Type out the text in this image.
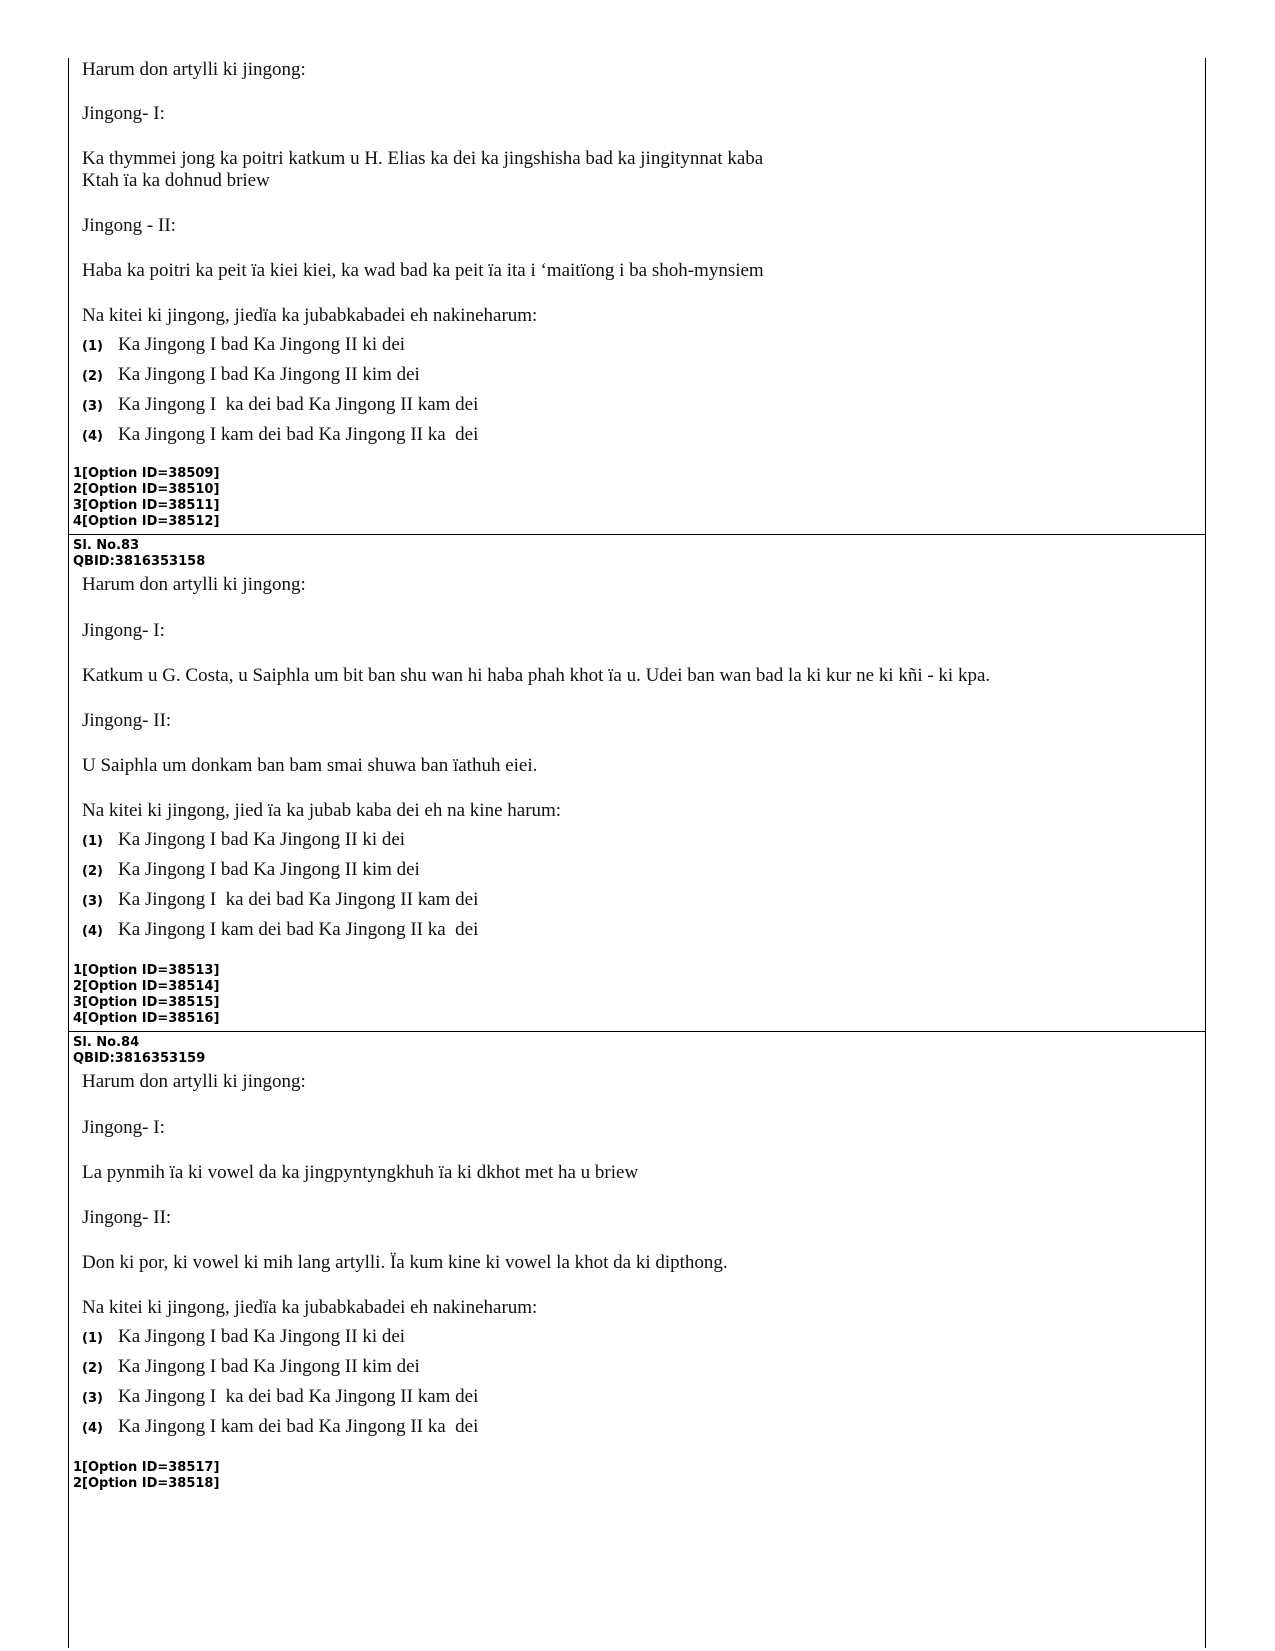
Harum don artylli ki jingong:
Jingong- I:
Ka thymmei jong ka poitri katkum u H. Elias ka dei ka jingshisha bad ka jingitynnat kaba
Ktah ïa ka dohnud briew
Jingong - II:
Haba ka poitri ka peit ïa kiei kiei, ka wad bad ka peit ïa ita i ‘maitïong i ba shoh-mynsiem
Na kitei ki jingong, jiedïa ka jubabkabadei eh nakineharum:
(1) Ka Jingong I bad Ka Jingong II ki dei
(2) Ka Jingong I bad Ka Jingong II kim dei
(3) Ka Jingong I  ka dei bad Ka Jingong II kam dei
(4) Ka Jingong I kam dei bad Ka Jingong II ka  dei
1[Option ID=38509]
2[Option ID=38510]
3[Option ID=38511]
4[Option ID=38512]
Sl. No.83
QBID:3816353158
Harum don artylli ki jingong:
Jingong- I:
Katkum u G. Costa, u Saiphla um bit ban shu wan hi haba phah khot ïa u. Udei ban wan bad la ki kur ne ki kñi - ki kpa.
Jingong- II:
U Saiphla um donkam ban bam smai shuwa ban ïathuh eiei.
Na kitei ki jingong, jied ïa ka jubab kaba dei eh na kine harum:
(1) Ka Jingong I bad Ka Jingong II ki dei
(2) Ka Jingong I bad Ka Jingong II kim dei
(3) Ka Jingong I  ka dei bad Ka Jingong II kam dei
(4) Ka Jingong I kam dei bad Ka Jingong II ka  dei
1[Option ID=38513]
2[Option ID=38514]
3[Option ID=38515]
4[Option ID=38516]
Sl. No.84
QBID:3816353159
Harum don artylli ki jingong:
Jingong- I:
La pynmih ïa ki vowel da ka jingpyntyngkhuh ïa ki dkhot met ha u briew
Jingong- II:
Don ki por, ki vowel ki mih lang artylli. Ïa kum kine ki vowel la khot da ki dipthong.
Na kitei ki jingong, jiedïa ka jubabkabadei eh nakineharum:
(1) Ka Jingong I bad Ka Jingong II ki dei
(2) Ka Jingong I bad Ka Jingong II kim dei
(3) Ka Jingong I  ka dei bad Ka Jingong II kam dei
(4) Ka Jingong I kam dei bad Ka Jingong II ka  dei
1[Option ID=38517]
2[Option ID=38518]
